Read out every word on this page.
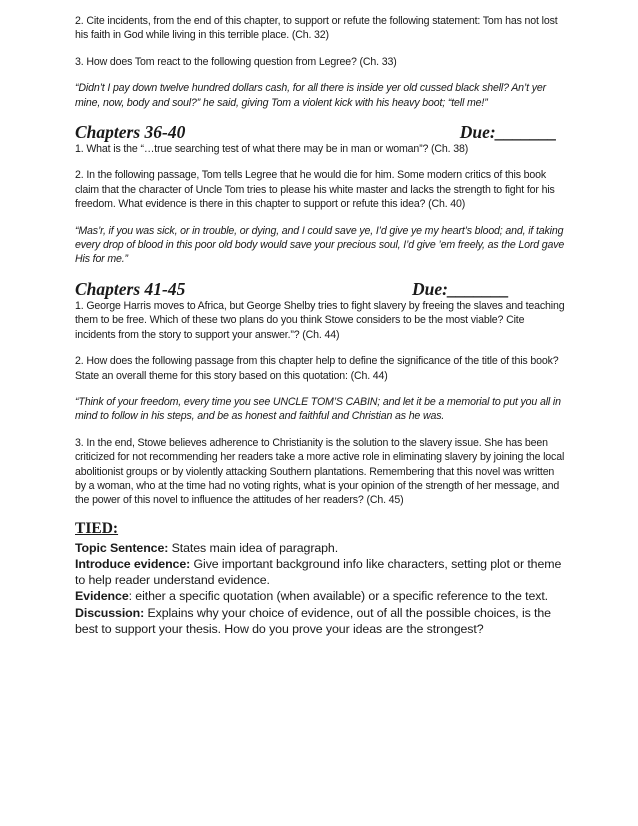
2. Cite incidents, from the end of this chapter, to support or refute the following statement: Tom has not lost his faith in God while living in this terrible place. (Ch. 32)

3. How does Tom react to the following question from Legree? (Ch. 33)

“Didn’t I pay down twelve hundred dollars cash, for all there is inside yer old cussed black shell? An’t yer mine, now, body and soul?” he said, giving Tom a violent kick with his heavy boot; “tell me!”

Chapters 36-40	Due:_______

1. What is the “…true searching test of what there may be in man or woman”? (Ch. 38)

2. In the following passage, Tom tells Legree that he would die for him. Some modern critics of this book claim that the character of Uncle Tom tries to please his white master and lacks the strength to fight for his freedom. What evidence is there in this chapter to support or refute this idea? (Ch. 40)

“Mas’r, if you was sick, or in trouble, or dying, and I could save ye, I’d give ye my heart’s blood; and, if taking every drop of blood in this poor old body would save your precious soul, I’d give ’em freely, as the Lord gave His for me.”

Chapters 41-45	Due:_______

1. George Harris moves to Africa, but George Shelby tries to fight slavery by freeing the slaves and teaching them to be free. Which of these two plans do you think Stowe considers to be the most viable? Cite incidents from the story to support your answer.”? (Ch. 44)

2. How does the following passage from this chapter help to define the significance of the title of this book? State an overall theme for this story based on this quotation: (Ch. 44)

“Think of your freedom, every time you see UNCLE TOM’S CABIN; and let it be a memorial to put you all in mind to follow in his steps, and be as honest and faithful and Christian as he was.

3. In the end, Stowe believes adherence to Christianity is the solution to the slavery issue. She has been criticized for not recommending her readers take a more active role in eliminating slavery by joining the local abolitionist groups or by violently attacking Southern plantations. Remembering that this novel was written by a woman, who at the time had no voting rights, what is your opinion of the strength of her message, and the power of this novel to influence the attitudes of her readers? (Ch. 45)

TIED:

Topic Sentence: States main idea of paragraph.

Introduce evidence: Give important background info like characters, setting plot or theme to help reader understand evidence.

Evidence: either a specific quotation (when available) or a specific reference to the text.

Discussion: Explains why your choice of evidence, out of all the possible choices, is the best to support your thesis. How do you prove your ideas are the strongest?
